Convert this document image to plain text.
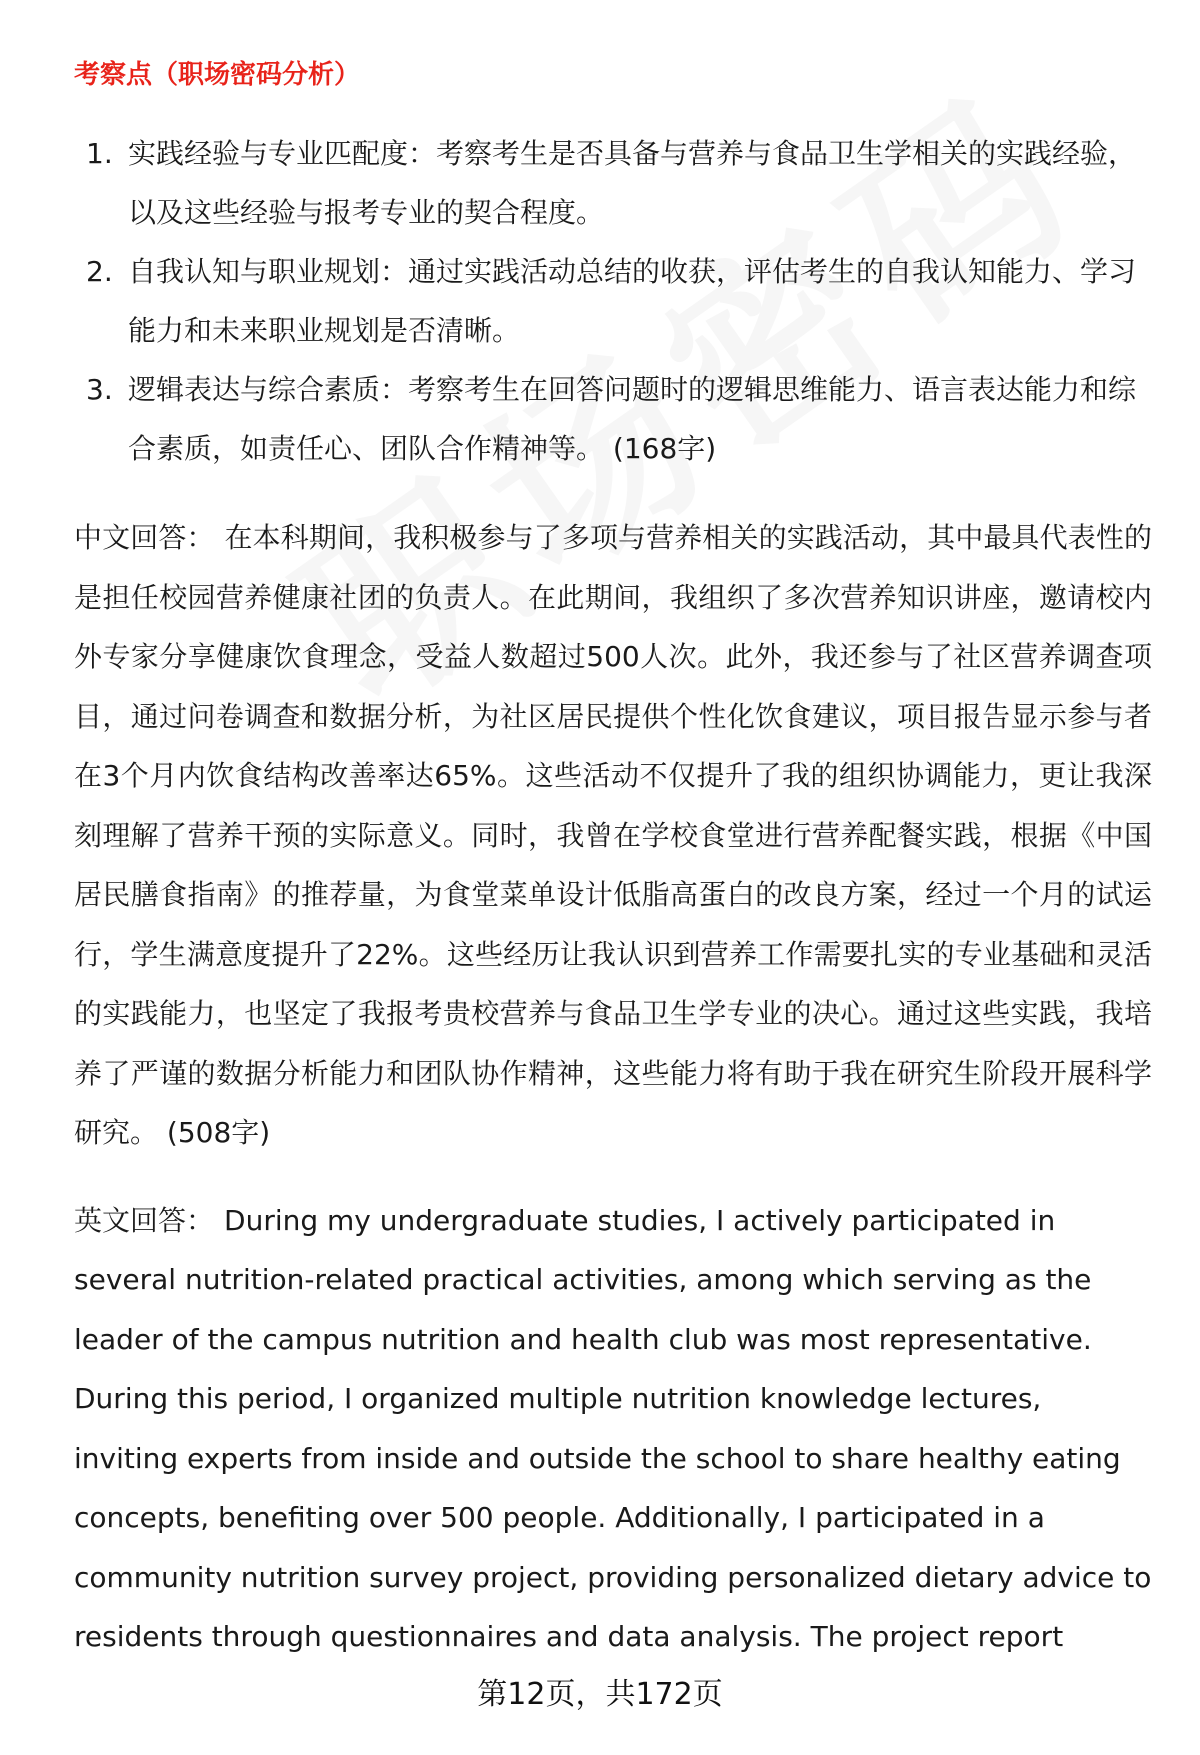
考察点（职场密码分析）
1. 实践经验与专业匹配度：考察考生是否具备与营养与食品卫生学相关的实践经验，以及这些经验与报考专业的契合程度。
2. 自我认知与职业规划：通过实践活动总结的收获，评估考生的自我认知能力、学习能力和未来职业规划是否清晰。
3. 逻辑表达与综合素质：考察考生在回答问题时的逻辑思维能力、语言表达能力和综合素质，如责任心、团队合作精神等。 (168字)

中文回答： 在本科期间，我积极参与了多项与营养相关的实践活动，其中最具代表性的是担任校园营养健康社团的负责人。在此期间，我组织了多次营养知识讲座，邀请校内外专家分享健康饮食理念，受益人数超过500人次。此外，我还参与了社区营养调查项目，通过问卷调查和数据分析，为社区居民提供个性化饮食建议，项目报告显示参与者在3个月内饮食结构改善率达65%。这些活动不仅提升了我的组织协调能力，更让我深刻理解了营养干预的实际意义。同时，我曾在学校食堂进行营养配餐实践，根据《中国居民膳食指南》的推荐量，为食堂菜单设计低脂高蛋白的改良方案，经过一个月的试运行，学生满意度提升了22%。这些经历让我认识到营养工作需要扎实的专业基础和灵活的实践能力，也坚定了我报考贵校营养与食品卫生学专业的决心。通过这些实践，我培养了严谨的数据分析能力和团队协作精神，这些能力将有助于我在研究生阶段开展科学研究。 (508字)

英文回答： During my undergraduate studies, I actively participated in several nutrition-related practical activities, among which serving as the leader of the campus nutrition and health club was most representative. During this period, I organized multiple nutrition knowledge lectures, inviting experts from inside and outside the school to share healthy eating concepts, benefiting over 500 people. Additionally, I participated in a community nutrition survey project, providing personalized dietary advice to residents through questionnaires and data analysis. The project report

第12页，共172页
